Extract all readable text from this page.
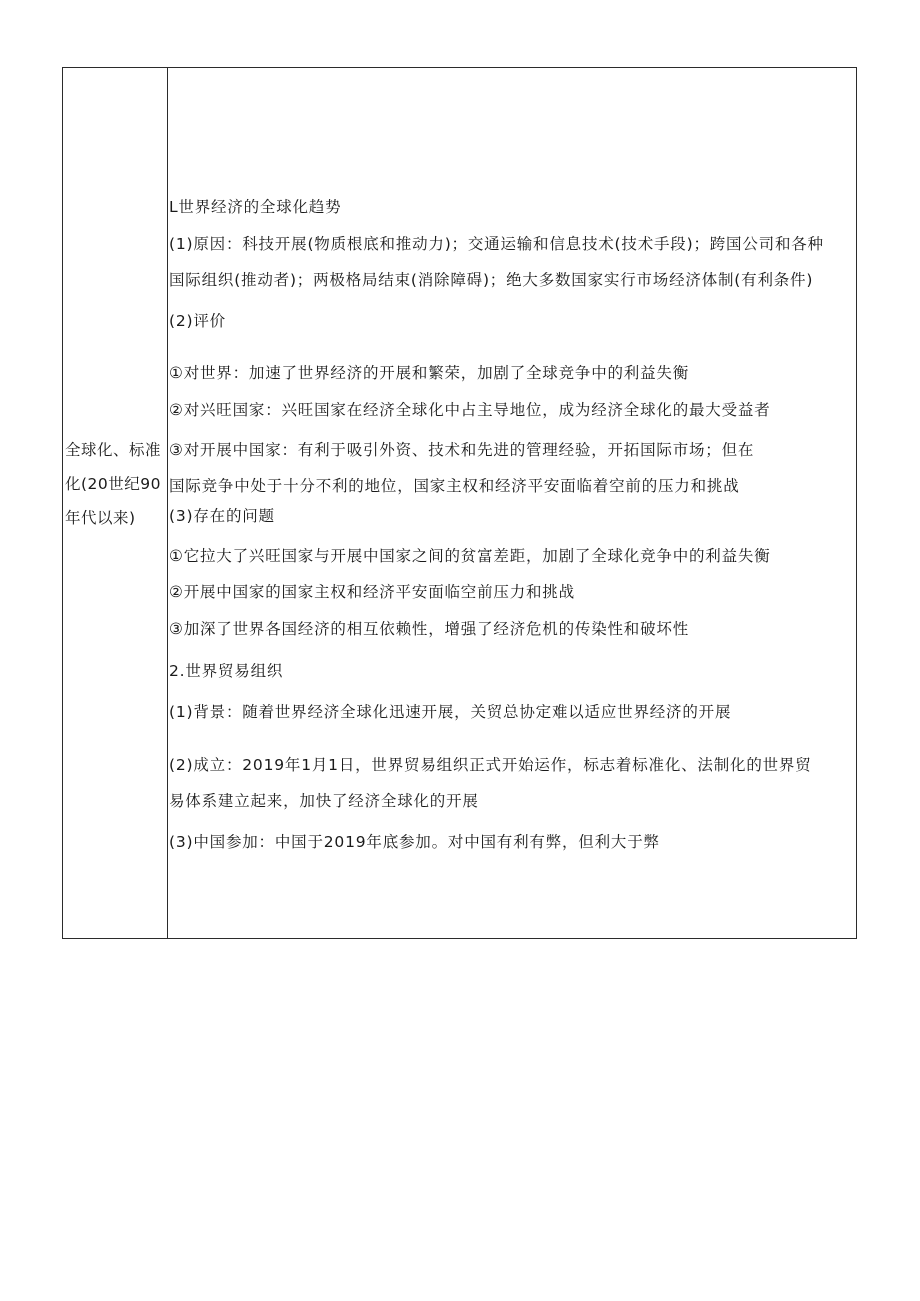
全球化、标准化(20世纪90年代以来)
L世界经济的全球化趋势
(1)原因：科技开展(物质根底和推动力)；交通运输和信息技术(技术手段)；跨国公司和各种
国际组织(推动者)；两极格局结束(消除障碍)；绝大多数国家实行市场经济体制(有利条件)
(2)评价
①对世界：加速了世界经济的开展和繁荣，加剧了全球竞争中的利益失衡
②对兴旺国家：兴旺国家在经济全球化中占主导地位，成为经济全球化的最大受益者
③对开展中国家：有利于吸引外资、技术和先进的管理经验，开拓国际市场；但在
国际竞争中处于十分不利的地位，国家主权和经济平安面临着空前的压力和挑战
(3)存在的问题
①它拉大了兴旺国家与开展中国家之间的贫富差距，加剧了全球化竞争中的利益失衡
②开展中国家的国家主权和经济平安面临空前压力和挑战
③加深了世界各国经济的相互依赖性，增强了经济危机的传染性和破坏性
2.世界贸易组织
(1)背景：随着世界经济全球化迅速开展，关贸总协定难以适应世界经济的开展
(2)成立：2019年1月1日，世界贸易组织正式开始运作，标志着标准化、法制化的世界贸
易体系建立起来，加快了经济全球化的开展
(3)中国参加：中国于2019年底参加。对中国有利有弊，但利大于弊
